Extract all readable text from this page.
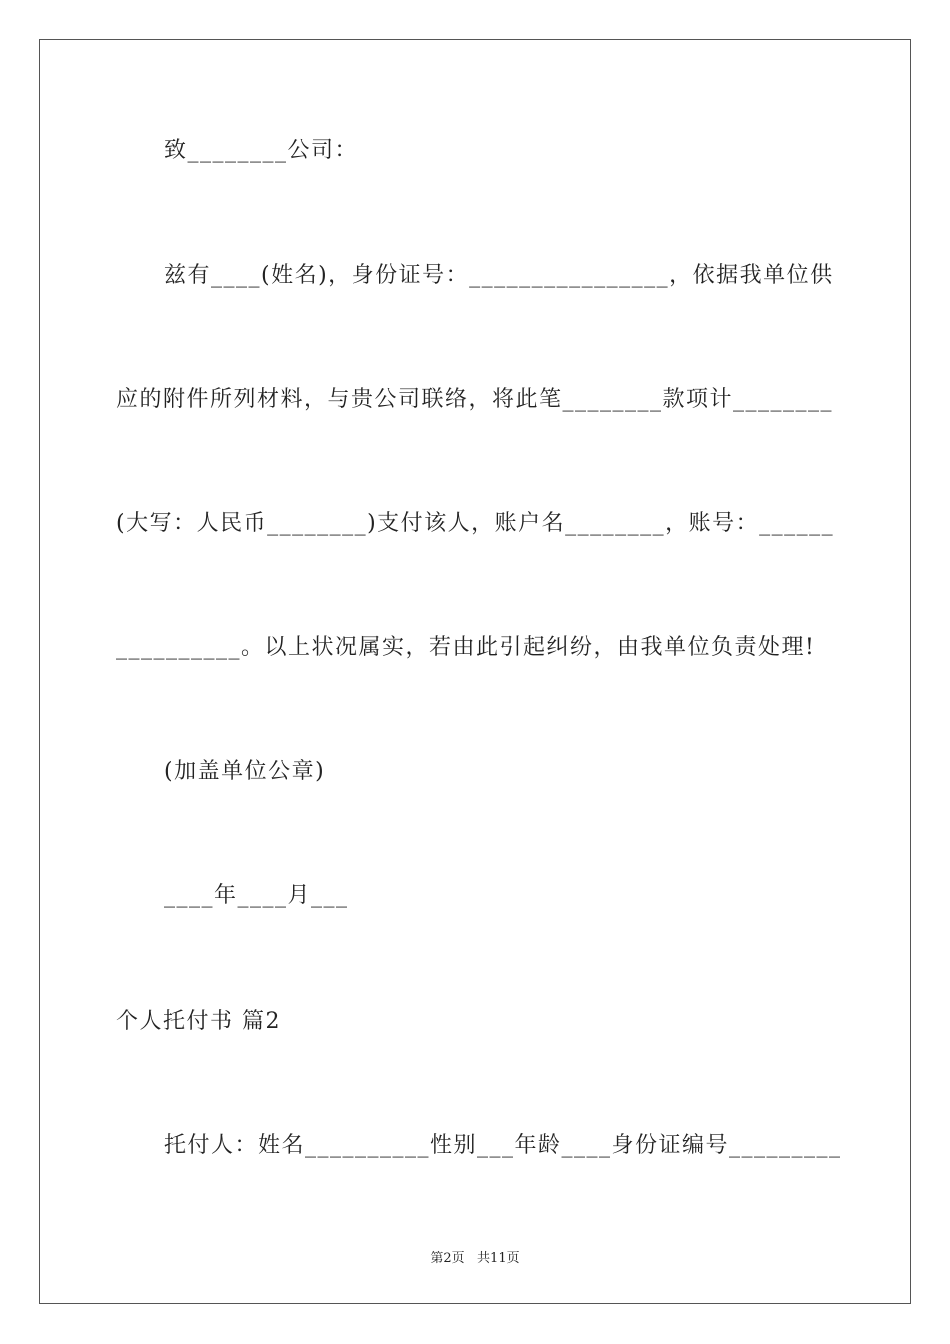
致________公司：
兹有____(姓名)，身份证号：________________，依据我单位供
应的附件所列材料，与贵公司联络，将此笔________款项计________
(大写：人民币________)支付该人，账户名________，账号：______
__________。以上状况属实，若由此引起纠纷，由我单位负责处理!
(加盖单位公章)
____年____月___
个人托付书 篇2
托付人：姓名__________性别___年龄____身份证编号_________
第2页   共11页
